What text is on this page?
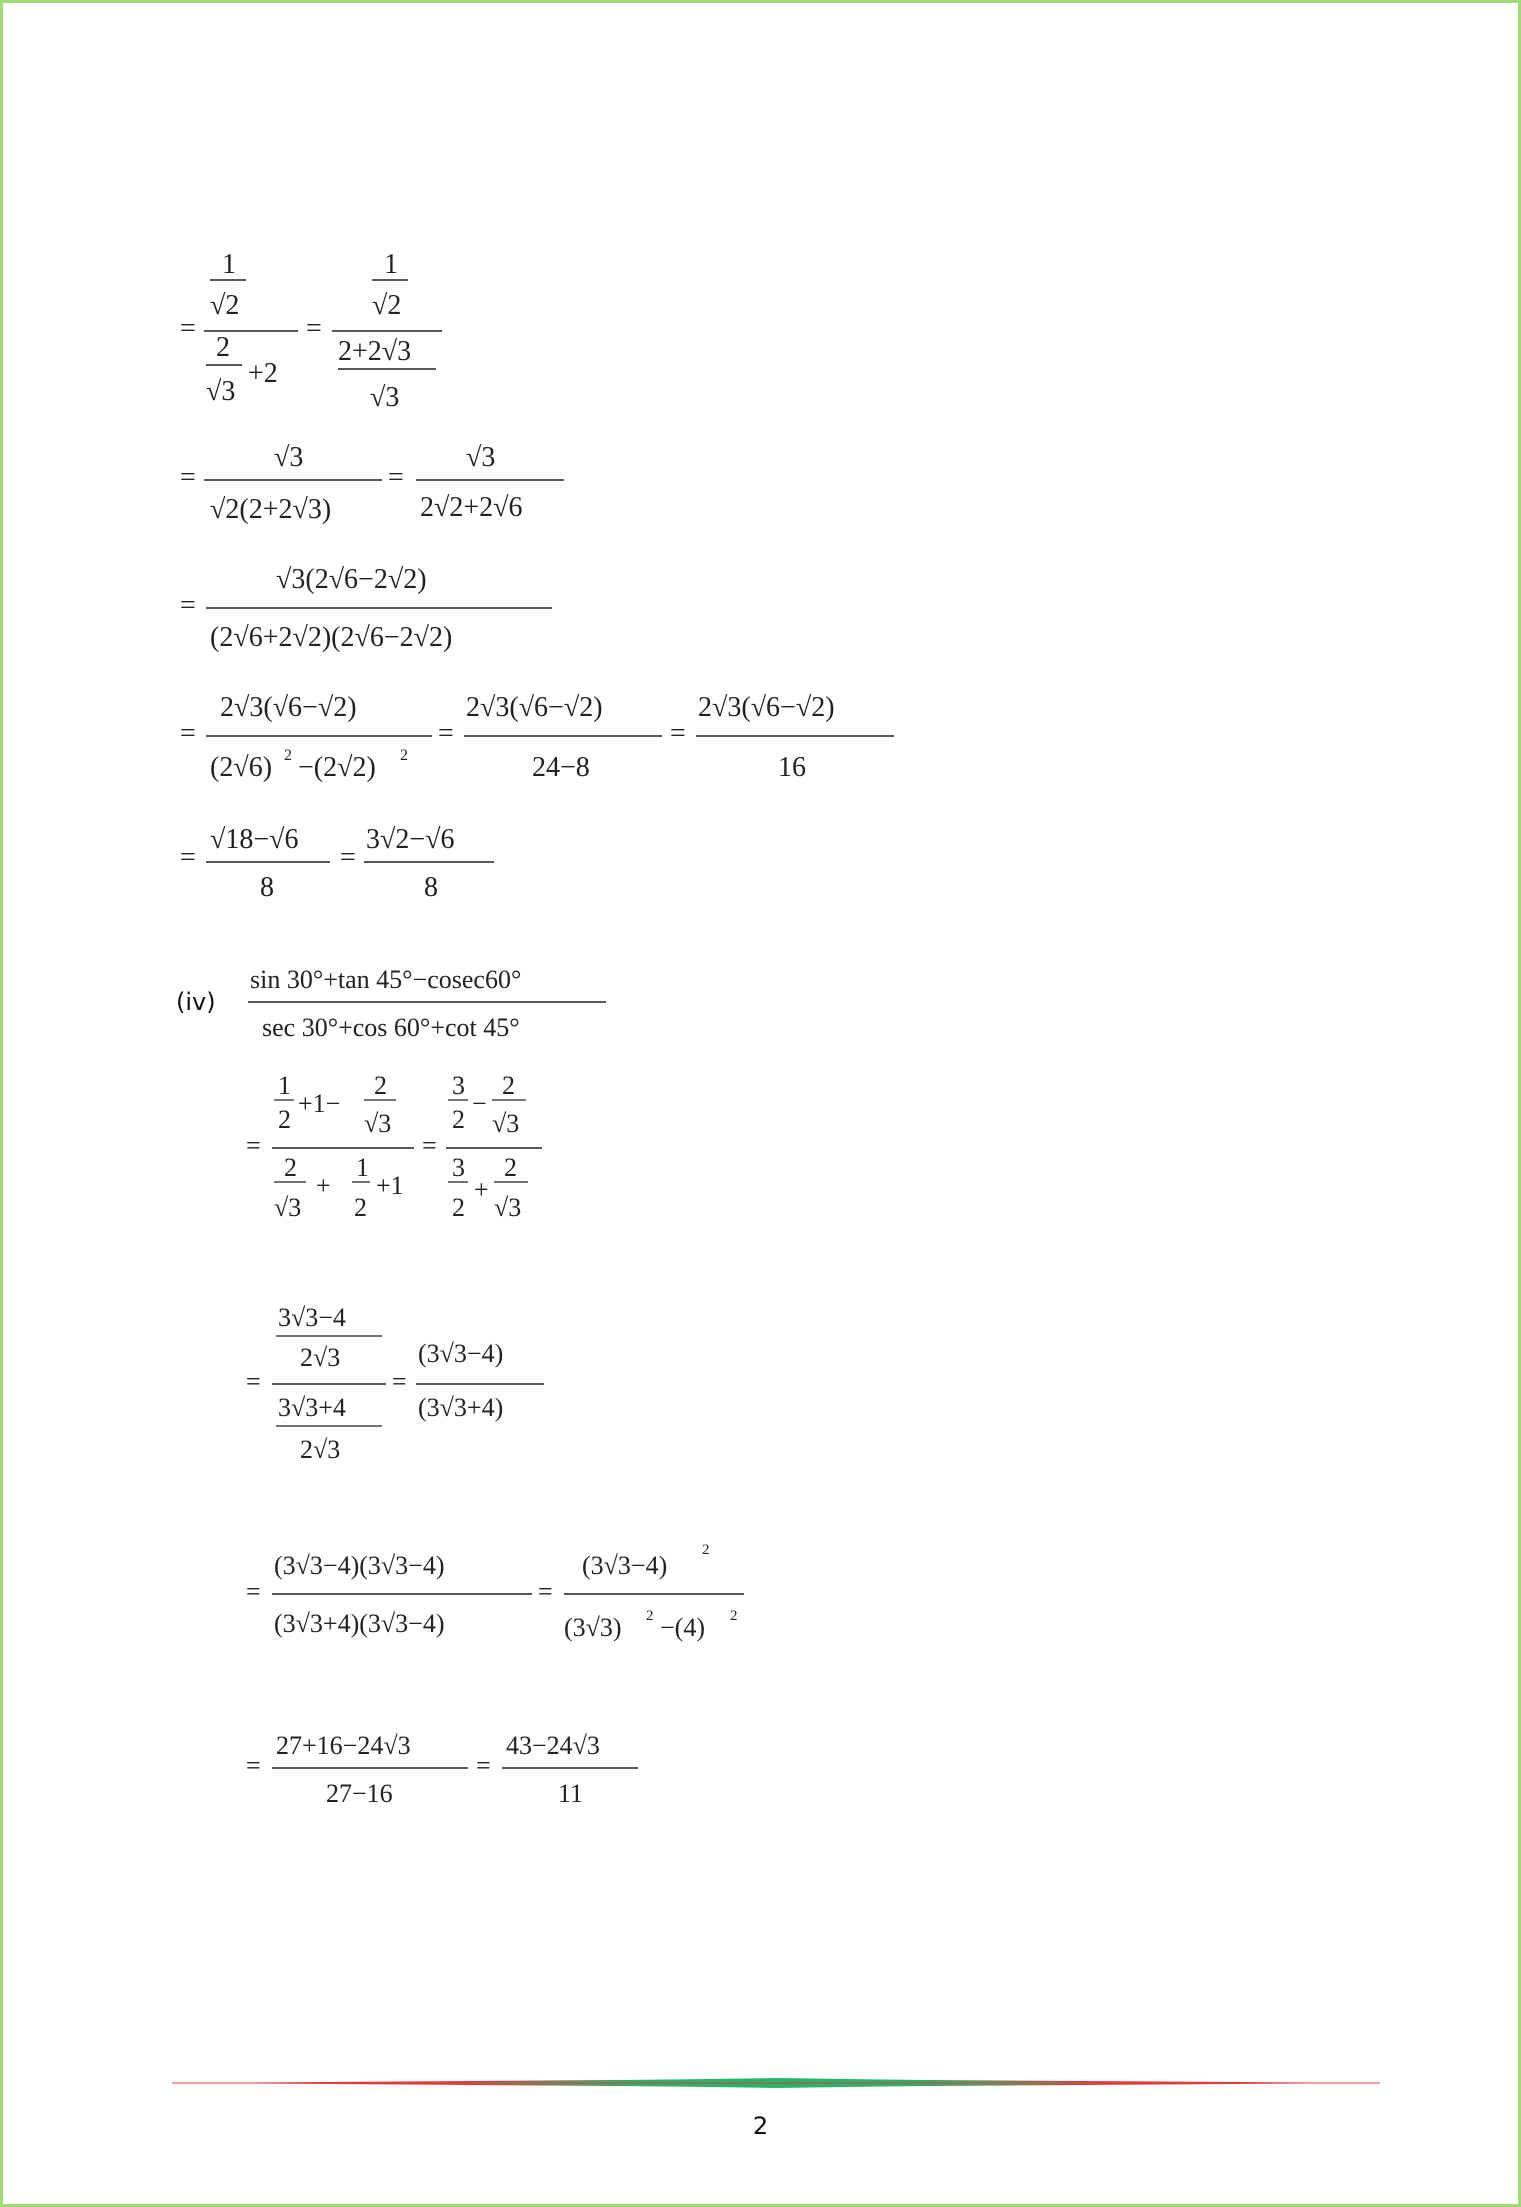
=
1
√2
2
√3
+2
=
1
√2
2+2√3
√3
=
√3
√2(2+2√3)
=
√3
2√2+2√6
=
√3(2√6−2√2)
(2√6+2√2)(2√6−2√2)
=
2√3(√6−√2)
(2√6) 2 −(2√2) 2
=
2√3(√6−√2)
24−8
=
2√3(√6−√2)
16
=
√18−√6
8
=
3√2−√6
8
(iv)
sin 30°+tan 45°−cosec60°
sec 30°+cos 60°+cot 45°
=
1
2
+1−
2
√3
2
√3
+
1
2
+1
=
3
2
−
2
√3
3
2
+
2
√3
=
3√3−4
2√3
3√3+4
2√3
=
(3√3−4)
(3√3+4)
=
(3√3−4)(3√3−4)
(3√3+4)(3√3−4)
=
(3√3−4)
2
(3√3) 2 −(4) 2
=
27+16−24√3
27−16
=
43−24√3
11
2
